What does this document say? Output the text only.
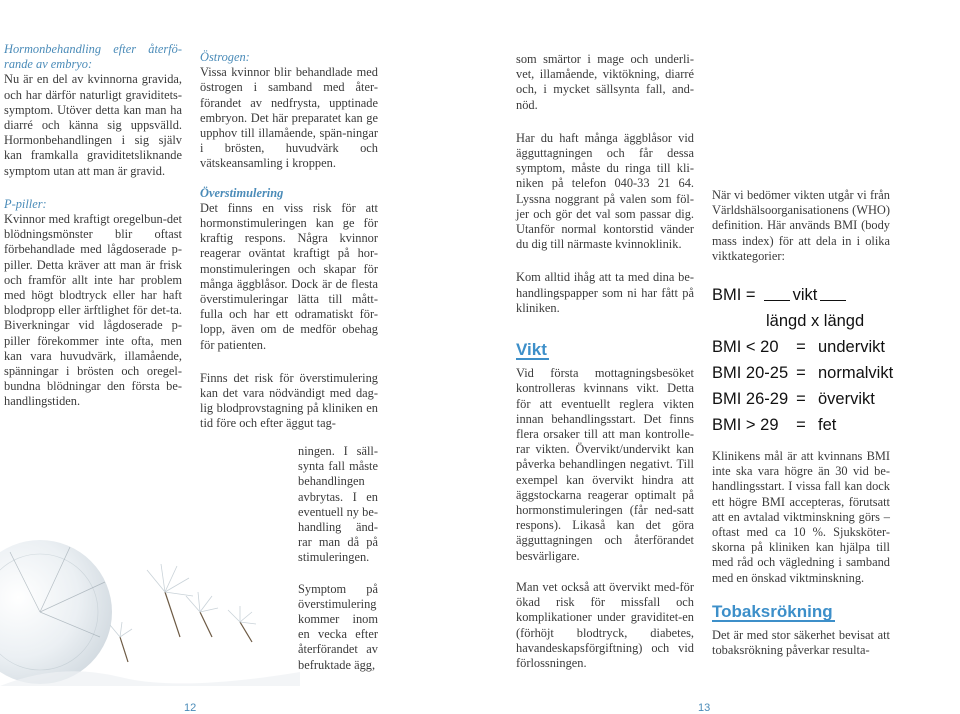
Hormonbehandling efter återfö-rande av embryo:
Nu är en del av kvinnorna gravida, och har därför naturligt graviditets-symptom. Utöver detta kan man ha diarré och känna sig uppsvälld. Hormonbehandlingen i sig själv kan framkalla graviditetsliknande symptom utan att man är gravid.

P-piller:
Kvinnor med kraftigt oregelbun-det blödningsmönster blir oftast förbehandlade med lågdoserade p-piller. Detta kräver att man är frisk och framför allt inte har problem med högt blodtryck eller har haft blodpropp eller ärftlighet för det-ta. Biverkningar vid lågdoserade p-piller förekommer inte ofta, men kan vara huvudvärk, illamående, spänningar i brösten och oregel-bundna blödningar den första be-handlingstiden.

Östrogen:
Vissa kvinnor blir behandlade med östrogen i samband med åter-förandet av nedfrysta, upptinade embryon. Det här preparatet kan ge upphov till illamående, spän-ningar i brösten, huvudvärk och vätskeansamling i kroppen.

Överstimulering
Det finns en viss risk för att hormonstimuleringen kan ge för kraftig respons. Några kvinnor reagerar oväntat kraftigt på hor-monstimuleringen och skapar för många äggblåsor. Dock är de flesta överstimuleringar lätta till mått-fulla och har ett odramatiskt för-lopp, även om de medför obehag för patienten.

Finns det risk för överstimulering kan det vara nödvändigt med dag-lig blodprovstagning på kliniken en tid före och efter äggut tag-

ningen. I säll-synta fall måste behandlingen avbrytas. I en eventuell ny be-handling änd-rar man då på stimuleringen.

Symptom på överstimulering kommer inom en vecka efter återförandet av befruktade ägg,

12

som smärtor i mage och underli-vet, illamående, viktökning, diarré och, i mycket sällsynta fall, and-nöd.

Har du haft många äggblåsor vid ägguttagningen och får dessa symptom, måste du ringa till kli-niken på telefon 040-33 21 64. Lyssna noggrant på valen som föl-jer och gör det val som passar dig. Utanför normal kontorstid vänder du dig till närmaste kvinnoklinik.

Kom alltid ihåg att ta med dina be-handlingspapper som ni har fått på kliniken.

Vikt

Vid första mottagningsbesöket kontrolleras kvinnans vikt. Detta för att eventuellt reglera vikten innan behandlingsstart. Det finns flera orsaker till att man kontrolle-rar vikten. Övervikt/undervikt kan påverka behandlingen negativt. Till exempel kan övervikt hindra att äggstockarna reagerar optimalt på hormonstimuleringen (får ned-satt respons). Likaså kan det göra ägguttagningen och återförandet besvärligare.

Man vet också att övervikt med-för ökad risk för missfall och komplikationer under graviditet-en (förhöjt blodtryck, diabetes, havandeskapsförgiftning) och vid förlossningen.

När vi bedömer vikten utgår vi från Världshälsoorganisationens (WHO) definition. Här används BMI (body mass index) för att dela in i olika viktkategorier:

BMI = vikt
längd x längd
BMI < 20	= undervikt
BMI 20-25 = normalvikt
BMI 26-29 = övervikt
BMI > 29	= fet

Klinikens mål är att kvinnans BMI inte ska vara högre än 30 vid be-handlingsstart. I vissa fall kan dock ett högre BMI accepteras, förutsatt att en avtalad viktminskning görs – oftast med ca 10 %. Sjuksköter-skorna på kliniken kan hjälpa till med råd och vägledning i samband med en önskad viktminskning.

Tobaksrökning

Det är med stor säkerhet bevisat att tobaksrökning påverkar resulta-

13
